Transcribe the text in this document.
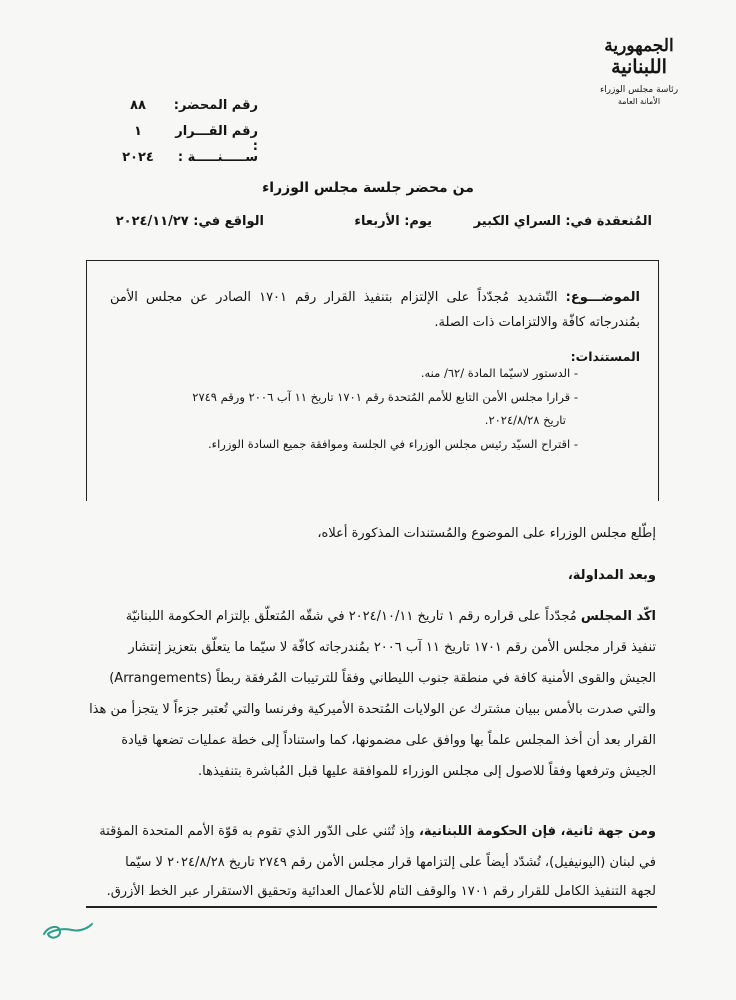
الجمهورية
اللبنانية
رئاسة مجلس الوزراء
الأمانة العامة
رقم المحضر:
٨٨
رقم القـــرار :
١
ســـــنـــــة :
٢٠٢٤
من محضر جلسة مجلس الوزراء
المُنعقدة في: السراي الكبير
يوم: الأربعاء
الواقع في: ٢٠٢٤/١١/٢٧
الموضـــوع: التّشديد مُجدّداً على الإلتزام بتنفيذ القرار رقم ١٧٠١ الصادر عن مجلس الأمن بمُندرجاته كافّة والالتزامات ذات الصلة.
المستندات:
- الدستور لاسيّما المادة /٦٢/ منه.
- قرارا مجلس الأمن التابع للأمم المُتحدة رقم ١٧٠١ تاريخ ١١ آب ٢٠٠٦ ورقم ٢٧٤٩
تاريخ ٢٠٢٤/٨/٢٨.
- اقتراح السيّد رئيس مجلس الوزراء في الجلسة وموافقة جميع السادة الوزراء.
إطّلع مجلس الوزراء على الموضوع والمُستندات المذكورة أعلاه،
وبعد المداولة،
اكّد المجلس مُجدّداً على قراره رقم ١ تاريخ ٢٠٢٤/١٠/١١ في شقّه المُتعلّق بإلتزام الحكومة اللبنانيّة
تنفيذ قرار مجلس الأمن رقم ١٧٠١ تاريخ ١١ آب ٢٠٠٦ بمُندرجاته كافّة لا سيّما ما يتعلّق بتعزيز إنتشار
الجيش والقوى الأمنية كافة في منطقة جنوب الليطاني وفقاً للترتيبات المُرفقة ربطاً (Arrangements)
والتي صدرت بالأمس ببيان مشترك عن الولايات المُتحدة الأميركية وفرنسا والتي تُعتبر جزءاً لا يتجزأ من هذا
القرار بعد أن أخذ المجلس علماً بها ووافق على مضمونها، كما واستناداً إلى خطة عمليات تضعها قيادة
الجيش وترفعها وفقاً للاصول إلى مجلس الوزراء للموافقة عليها قبل المُباشرة بتنفيذها.
ومن جهة ثانية، فإن الحكومة اللبنانية، وإذ تُثني على الدّور الذي تقوم به قوّة الأمم المتحدة المؤقتة
في لبنان (اليونيفيل)، تُشدّد أيضاً على إلتزامها قرار مجلس الأمن رقم ٢٧٤٩ تاريخ ٢٠٢٤/٨/٢٨ لا سيّما
لجهة التنفيذ الكامل للقرار رقم ١٧٠١ والوقف التام للأعمال العدائية وتحقيق الاستقرار عبر الخط الأزرق.
